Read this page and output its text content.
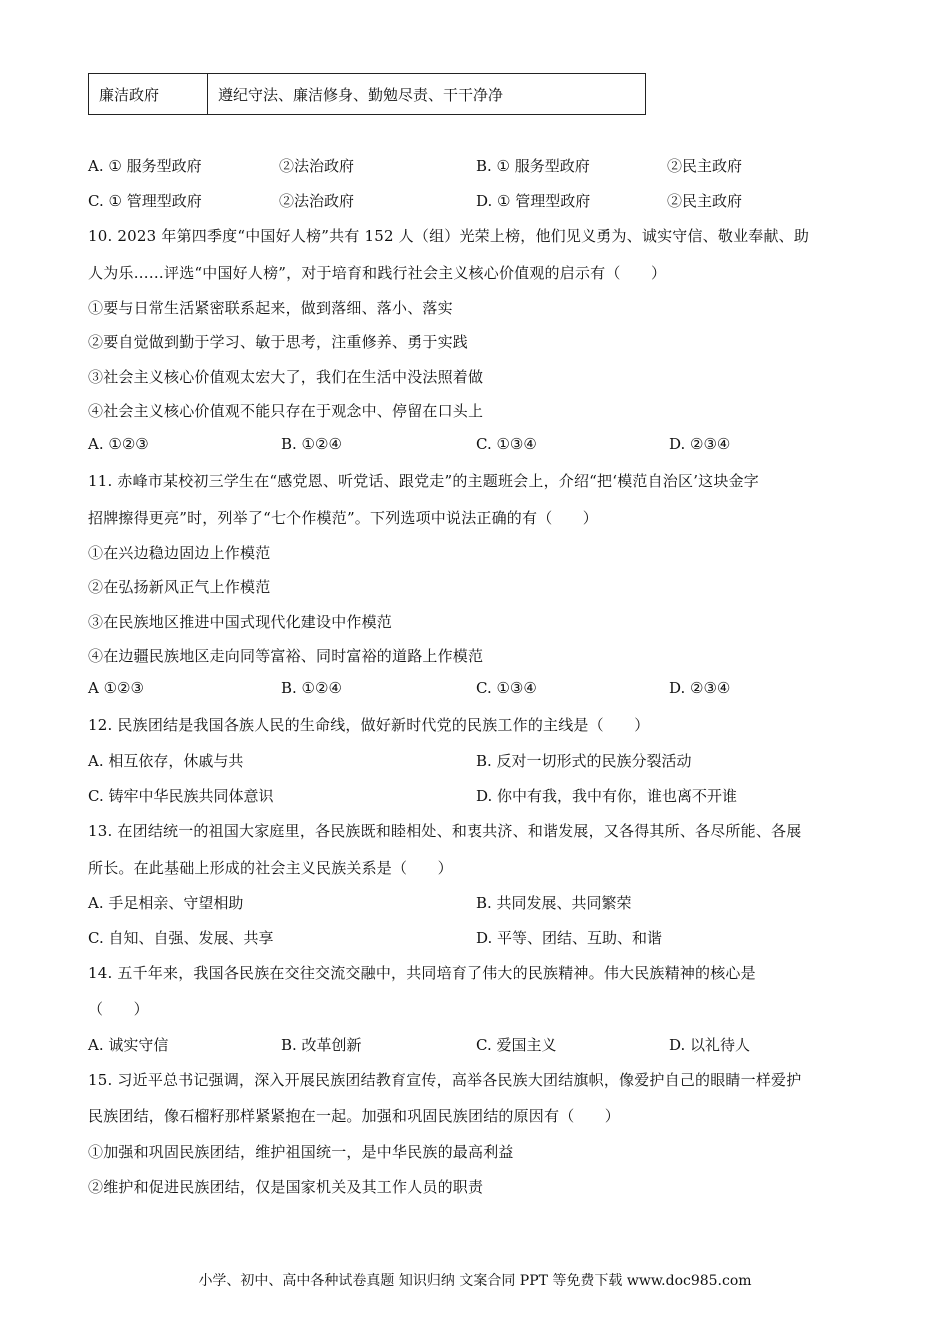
廉洁政府	遵纪守法、廉洁修身、勤勉尽责、干干净净
A. ① 服务型政府	②法治政府	B. ① 服务型政府	②民主政府
C. ① 管理型政府	②法治政府	D. ① 管理型政府	②民主政府
10. 2023 年第四季度“中国好人榜”共有 152 人（组）光荣上榜，他们见义勇为、诚实守信、敬业奉献、助
人为乐……评选“中国好人榜”，对于培育和践行社会主义核心价值观的启示有（　　）
①要与日常生活紧密联系起来，做到落细、落小、落实
②要自觉做到勤于学习、敏于思考，注重修养、勇于实践
③社会主义核心价值观太宏大了，我们在生活中没法照着做
④社会主义核心价值观不能只存在于观念中、停留在口头上
A. ①②③	B. ①②④	C. ①③④	D. ②③④
11. 赤峰市某校初三学生在“感党恩、听党话、跟党走”的主题班会上，介绍“把‘模范自治区’这块金字
招牌擦得更亮”时，列举了“七个作模范”。下列选项中说法正确的有（　　）
①在兴边稳边固边上作模范
②在弘扬新风正气上作模范
③在民族地区推进中国式现代化建设中作模范
④在边疆民族地区走向同等富裕、同时富裕的道路上作模范
A ①②③	B. ①②④	C. ①③④	D. ②③④
12. 民族团结是我国各族人民的生命线，做好新时代党的民族工作的主线是（　　）
A. 相互依存，休戚与共	B. 反对一切形式的民族分裂活动
C. 铸牢中华民族共同体意识	D. 你中有我，我中有你，谁也离不开谁
13. 在团结统一的祖国大家庭里，各民族既和睦相处、和衷共济、和谐发展，又各得其所、各尽所能、各展
所长。在此基础上形成的社会主义民族关系是（　　）
A. 手足相亲、守望相助	B. 共同发展、共同繁荣
C. 自知、自强、发展、共享	D. 平等、团结、互助、和谐
14. 五千年来，我国各民族在交往交流交融中，共同培育了伟大的民族精神。伟大民族精神的核心是
（　　）
A. 诚实守信	B. 改革创新	C. 爱国主义	D. 以礼待人
15. 习近平总书记强调，深入开展民族团结教育宣传，高举各民族大团结旗帜，像爱护自己的眼睛一样爱护
民族团结，像石榴籽那样紧紧抱在一起。加强和巩固民族团结的原因有（　　）
①加强和巩固民族团结，维护祖国统一，是中华民族的最高利益
②维护和促进民族团结，仅是国家机关及其工作人员的职责
小学、初中、高中各种试卷真题 知识归纳 文案合同 PPT 等免费下载 www.doc985.com
